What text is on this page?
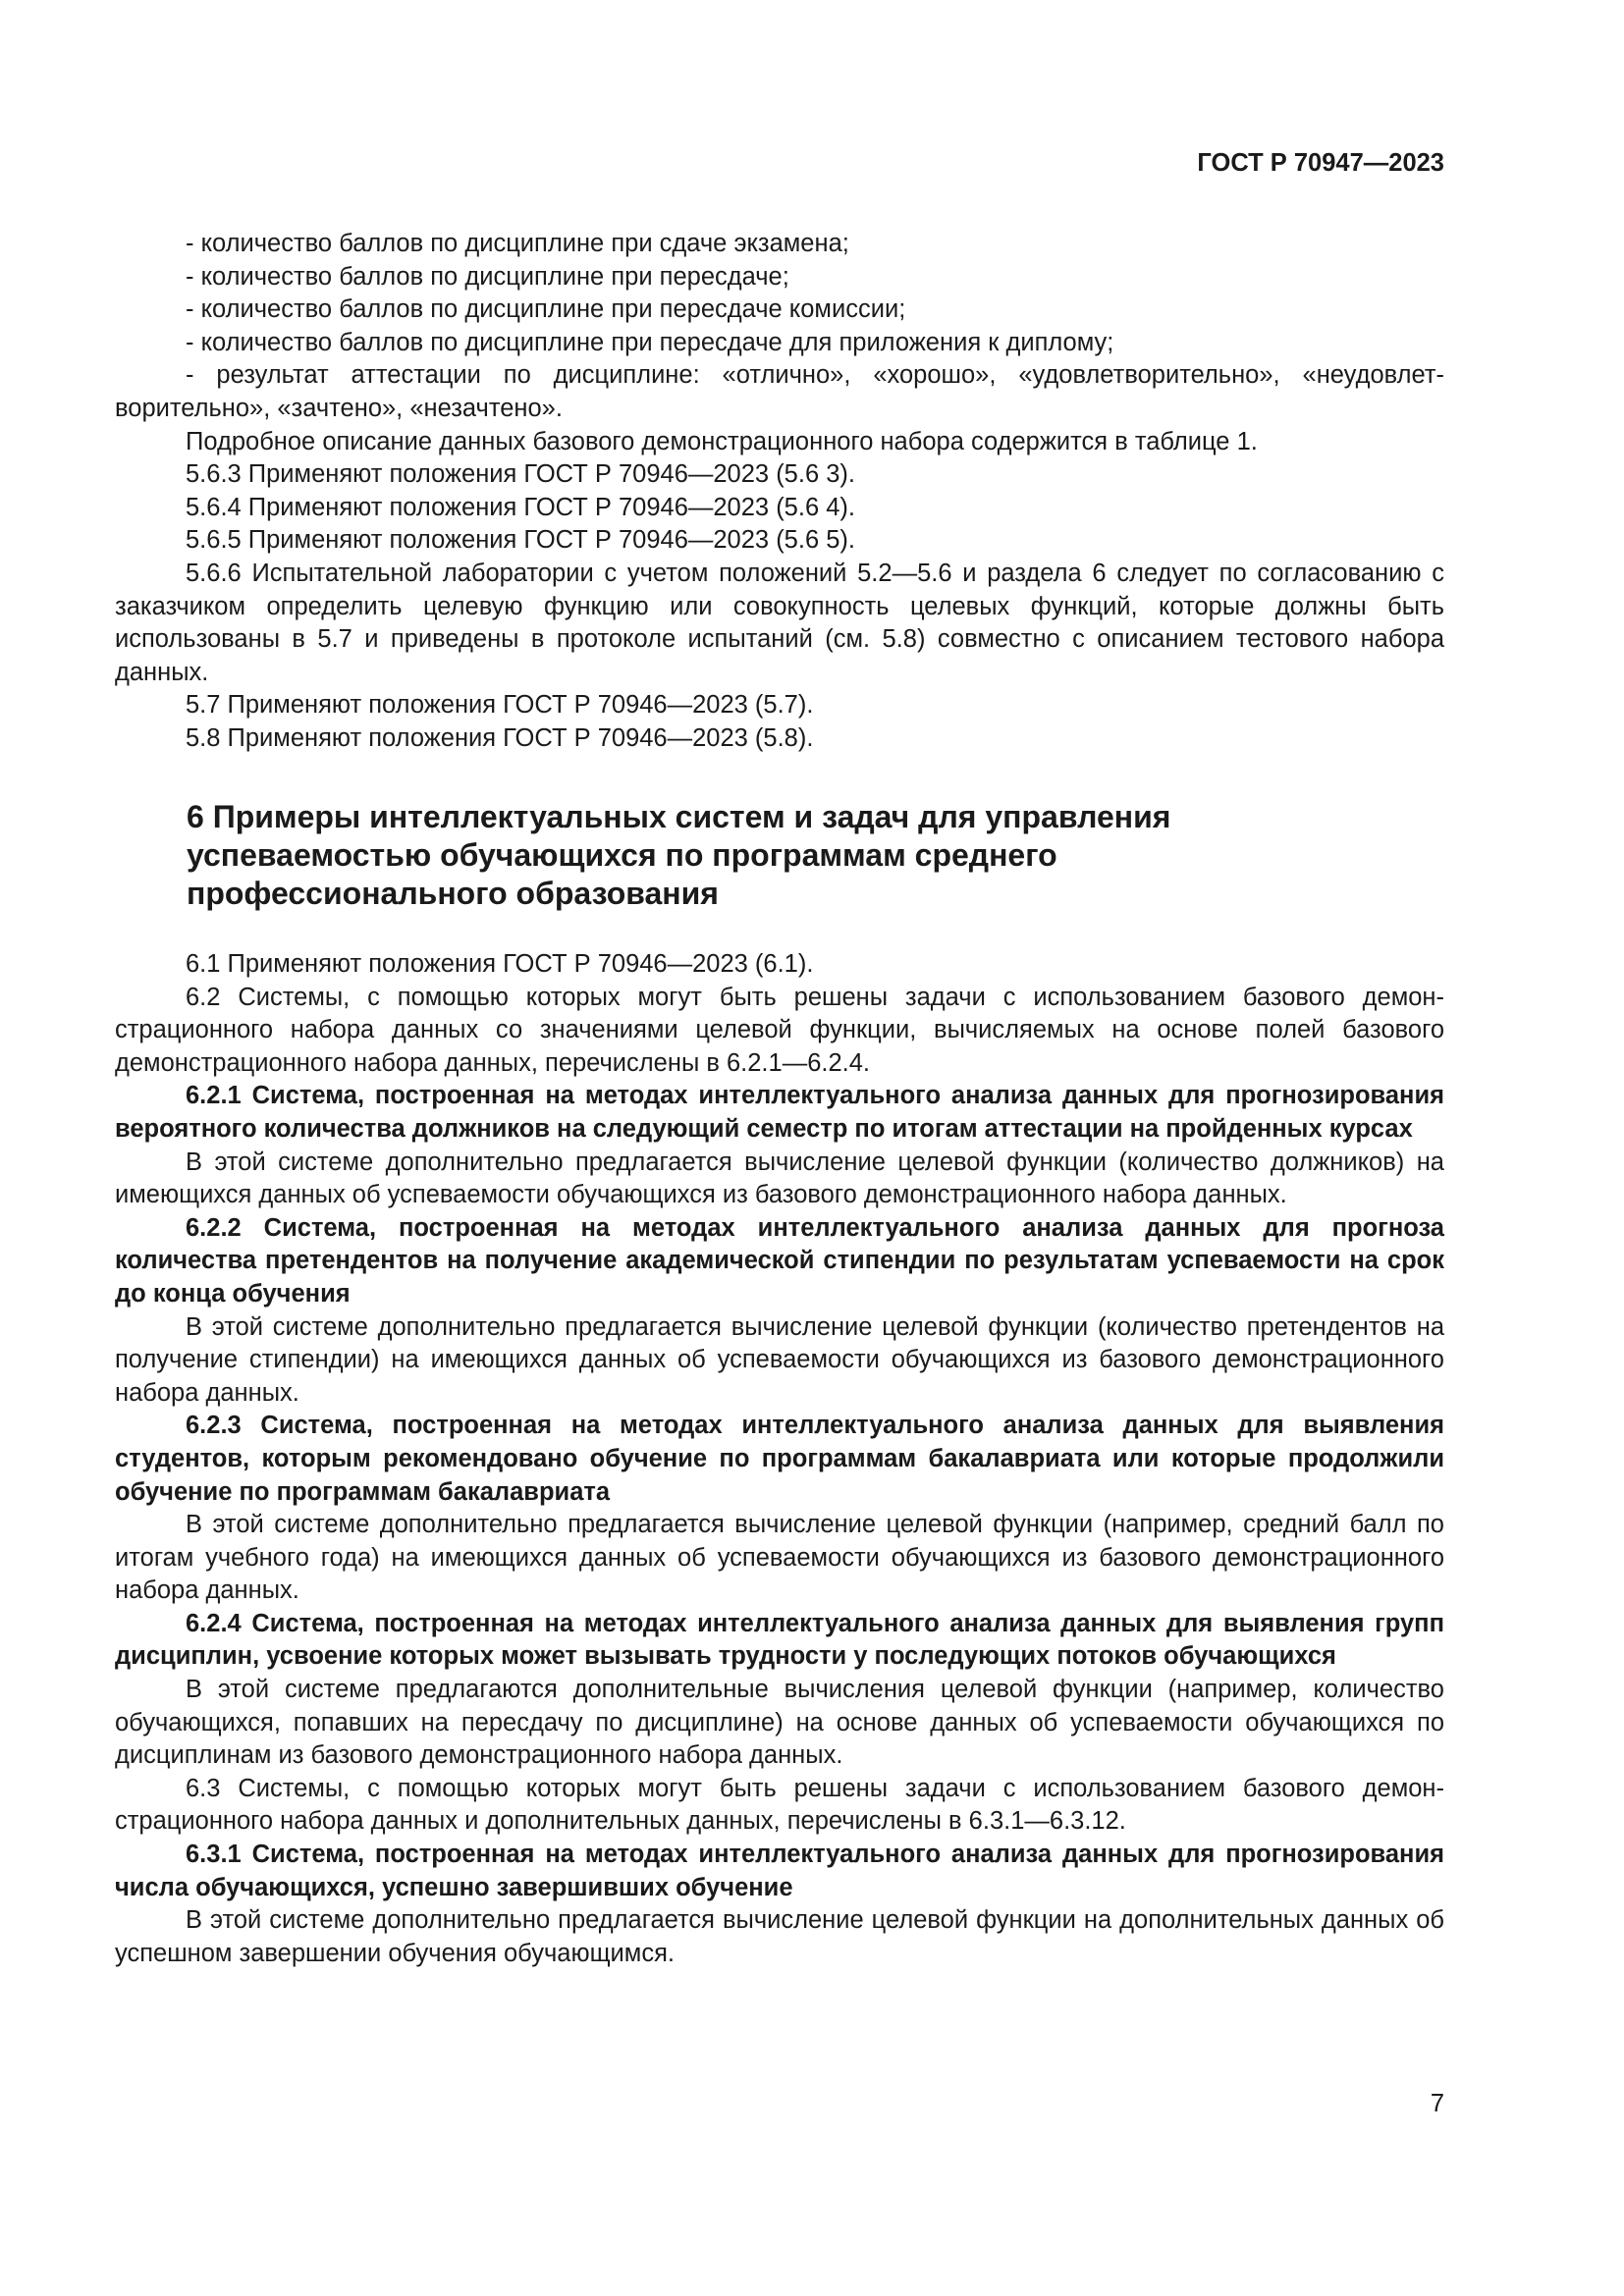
ГОСТ Р 70947—2023

- количество баллов по дисциплине при сдаче экзамена;

- количество баллов по дисциплине при пересдаче;

- количество баллов по дисциплине при пересдаче комиссии;

- количество баллов по дисциплине при пересдаче для приложения к диплому;

- результат аттестации по дисциплине: «отлично», «хорошо», «удовлетворительно», «неудовлетворительно», «зачтено», «незачтено».

Подробное описание данных базового демонстрационного набора содержится в таблице 1.

5.6.3 Применяют положения ГОСТ Р 70946—2023 (5.6 3).

5.6.4 Применяют положения ГОСТ Р 70946—2023 (5.6 4).

5.6.5 Применяют положения ГОСТ Р 70946—2023 (5.6 5).

5.6.6 Испытательной лаборатории с учетом положений 5.2—5.6 и раздела 6 следует по согласованию с заказчиком определить целевую функцию или совокупность целевых функций, которые должны быть использованы в 5.7 и приведены в протоколе испытаний (см. 5.8) совместно с описанием тестового набора данных.

5.7 Применяют положения ГОСТ Р 70946—2023 (5.7).

5.8 Применяют положения ГОСТ Р 70946—2023 (5.8).

6 Примеры интеллектуальных систем и задач для управления успеваемостью обучающихся по программам среднего профессионального образования

6.1 Применяют положения ГОСТ Р 70946—2023 (6.1).

6.2 Системы, с помощью которых могут быть решены задачи с использованием базового демонстрационного набора данных со значениями целевой функции, вычисляемых на основе полей базового демонстрационного набора данных, перечислены в 6.2.1—6.2.4.

6.2.1 Система, построенная на методах интеллектуального анализа данных для прогнозирования вероятного количества должников на следующий семестр по итогам аттестации на пройденных курсах

В этой системе дополнительно предлагается вычисление целевой функции (количество должников) на имеющихся данных об успеваемости обучающихся из базового демонстрационного набора данных.

6.2.2 Система, построенная на методах интеллектуального анализа данных для прогноза количества претендентов на получение академической стипендии по результатам успеваемости на срок до конца обучения

В этой системе дополнительно предлагается вычисление целевой функции (количество претендентов на получение стипендии) на имеющихся данных об успеваемости обучающихся из базового демонстрационного набора данных.

6.2.3 Система, построенная на методах интеллектуального анализа данных для выявления студентов, которым рекомендовано обучение по программам бакалавриата или которые продолжили обучение по программам бакалавриата

В этой системе дополнительно предлагается вычисление целевой функции (например, средний балл по итогам учебного года) на имеющихся данных об успеваемости обучающихся из базового демонстрационного набора данных.

6.2.4 Система, построенная на методах интеллектуального анализа данных для выявления групп дисциплин, усвоение которых может вызывать трудности у последующих потоков обучающихся

В этой системе предлагаются дополнительные вычисления целевой функции (например, количество обучающихся, попавших на пересдачу по дисциплине) на основе данных об успеваемости обучающихся по дисциплинам из базового демонстрационного набора данных.

6.3 Системы, с помощью которых могут быть решены задачи с использованием базового демонстрационного набора данных и дополнительных данных, перечислены в 6.3.1—6.3.12.

6.3.1 Система, построенная на методах интеллектуального анализа данных для прогнозирования числа обучающихся, успешно завершивших обучение

В этой системе дополнительно предлагается вычисление целевой функции на дополнительных данных об успешном завершении обучения обучающимся.

7
